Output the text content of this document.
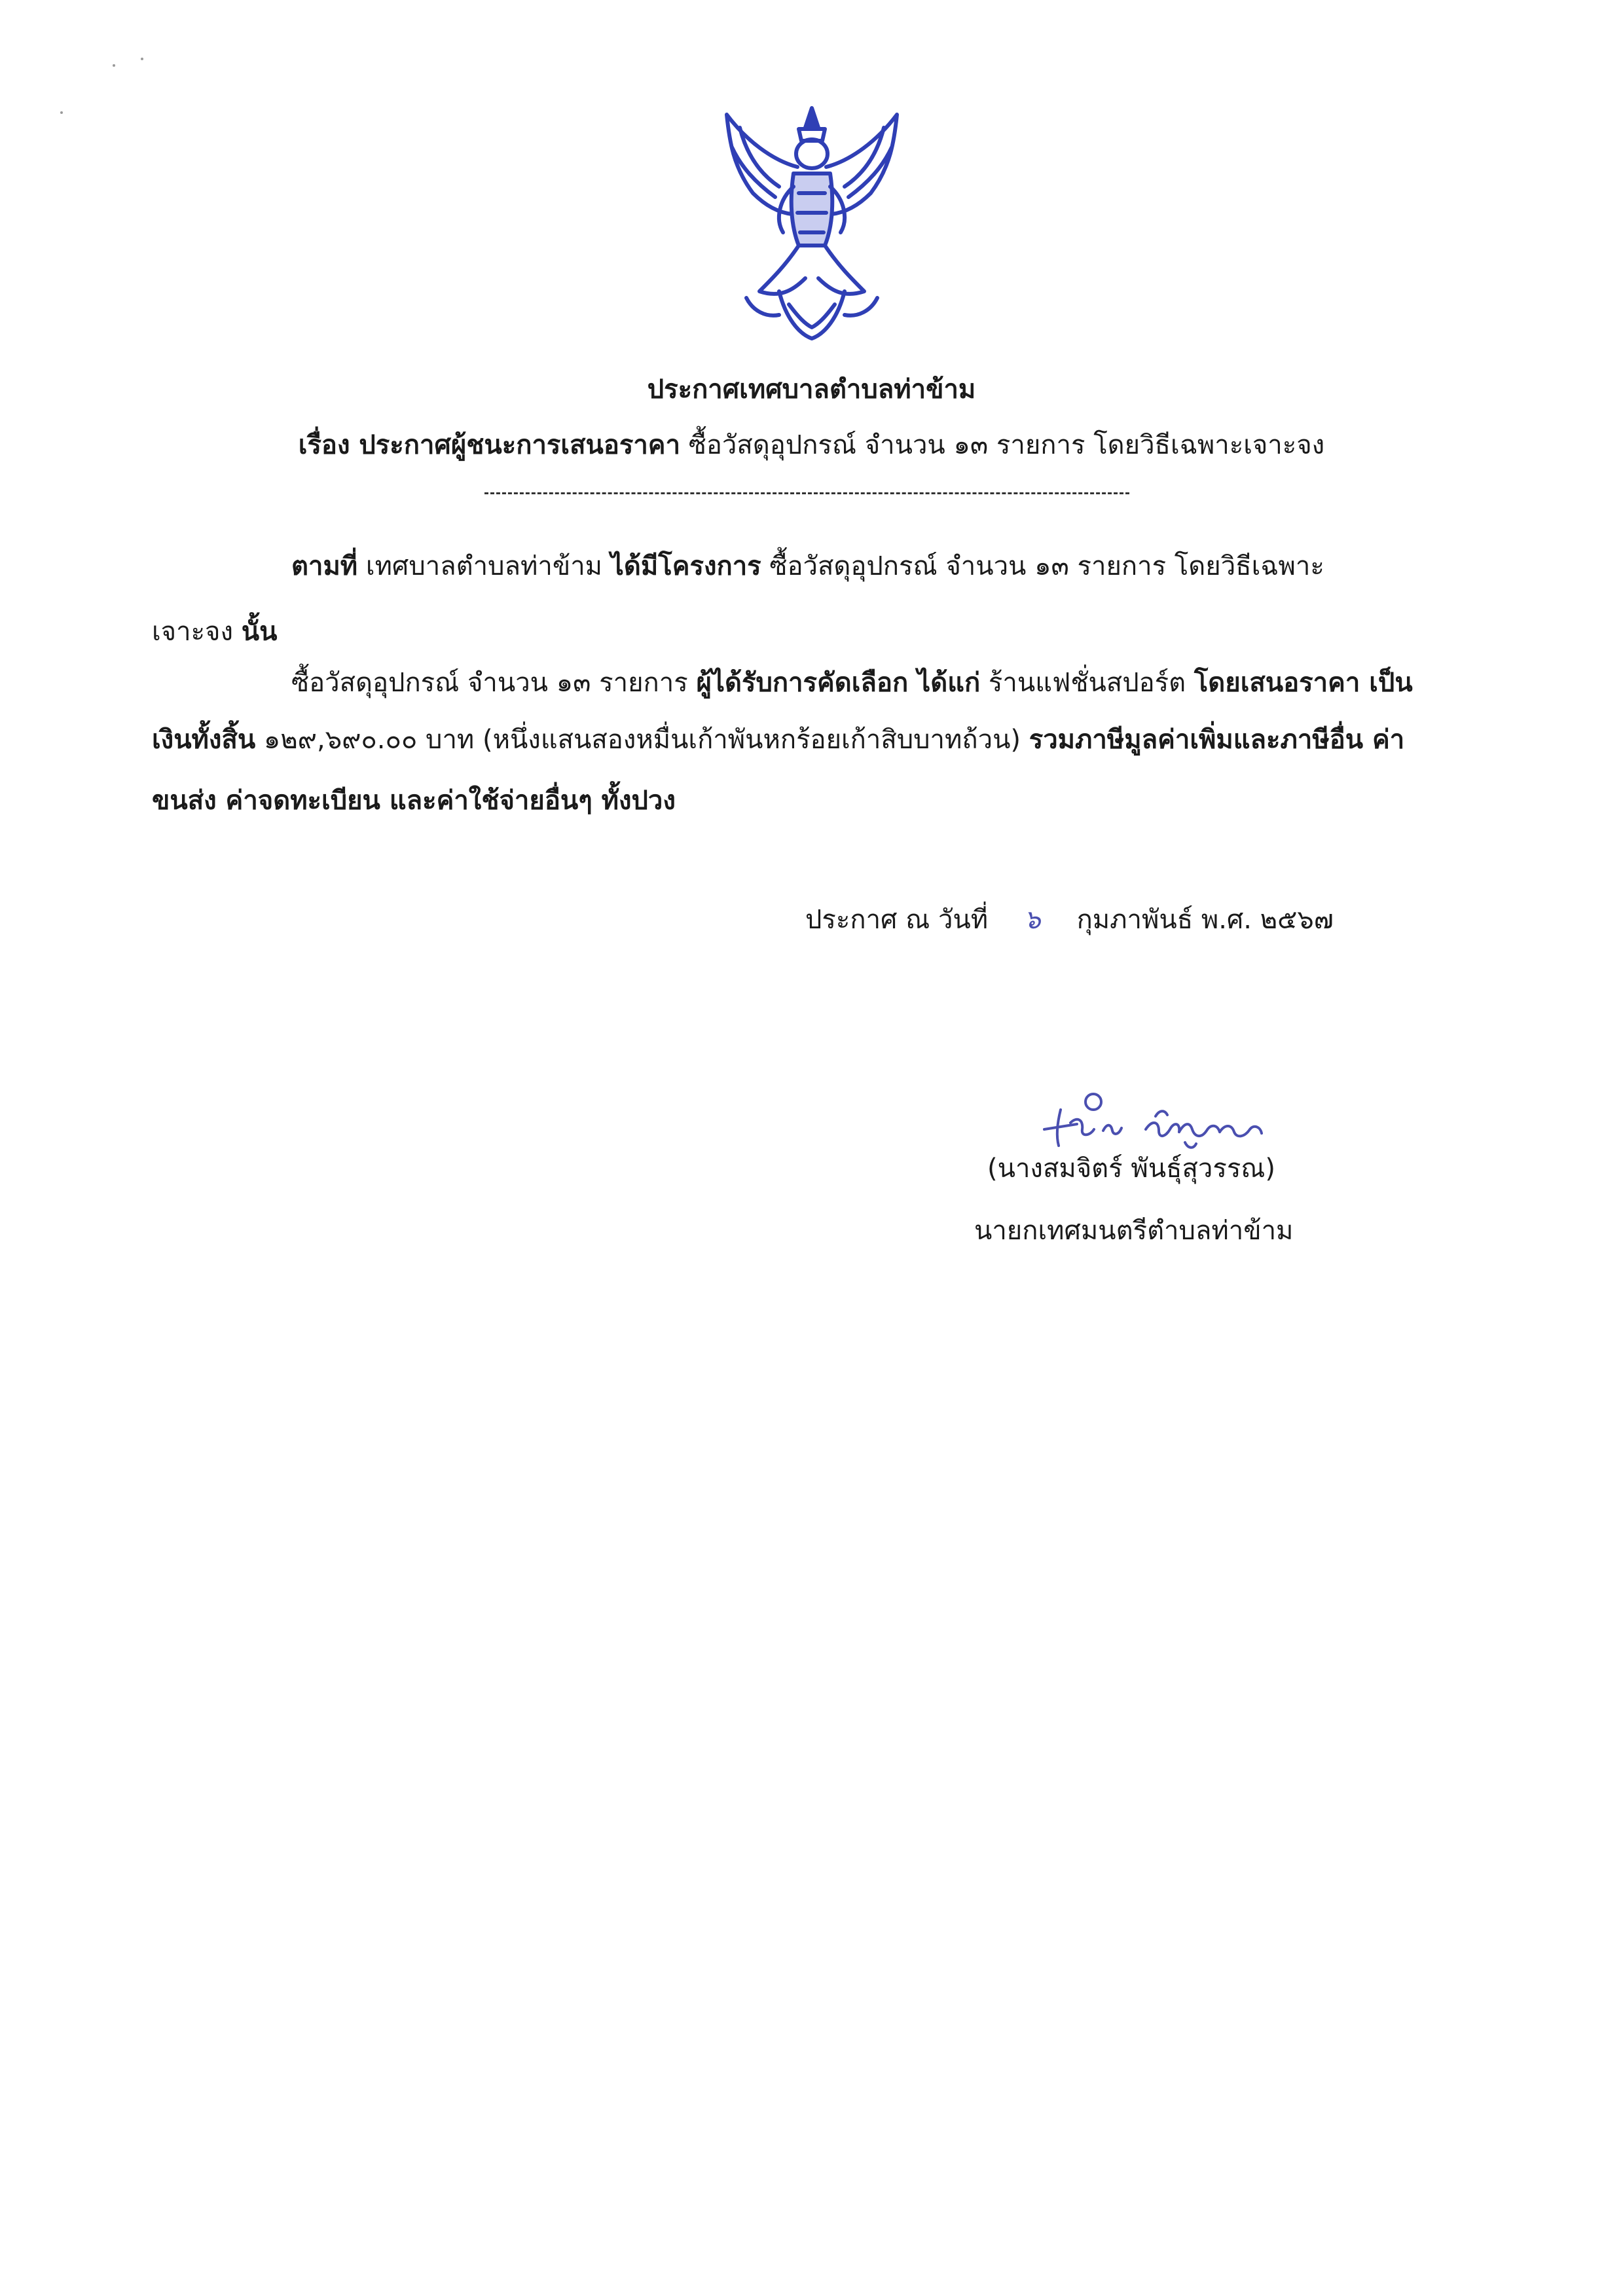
ประกาศเทศบาลตำบลท่าข้าม
เรื่อง ประกาศผู้ชนะการเสนอราคา ซื้อวัสดุอุปกรณ์ จำนวน ๑๓ รายการ โดยวิธีเฉพาะเจาะจง
ตามที่ เทศบาลตำบลท่าข้าม ได้มีโครงการ ซื้อวัสดุอุปกรณ์ จำนวน ๑๓ รายการ โดยวิธีเฉพาะ
เจาะจง นั้น
ซื้อวัสดุอุปกรณ์ จำนวน ๑๓ รายการ ผู้ได้รับการคัดเลือก ได้แก่ ร้านแฟชั่นสปอร์ต โดยเสนอราคา เป็น
เงินทั้งสิ้น ๑๒๙,๖๙๐.๐๐ บาท (หนึ่งแสนสองหมื่นเก้าพันหกร้อยเก้าสิบบาทถ้วน) รวมภาษีมูลค่าเพิ่มและภาษีอื่น ค่า
ขนส่ง ค่าจดทะเบียน และค่าใช้จ่ายอื่นๆ ทั้งปวง
ประกาศ ณ วันที่ ๖ กุมภาพันธ์ พ.ศ. ๒๕๖๗
(นางสมจิตร์ พันธุ์สุวรรณ)
นายกเทศมนตรีตำบลท่าข้าม
